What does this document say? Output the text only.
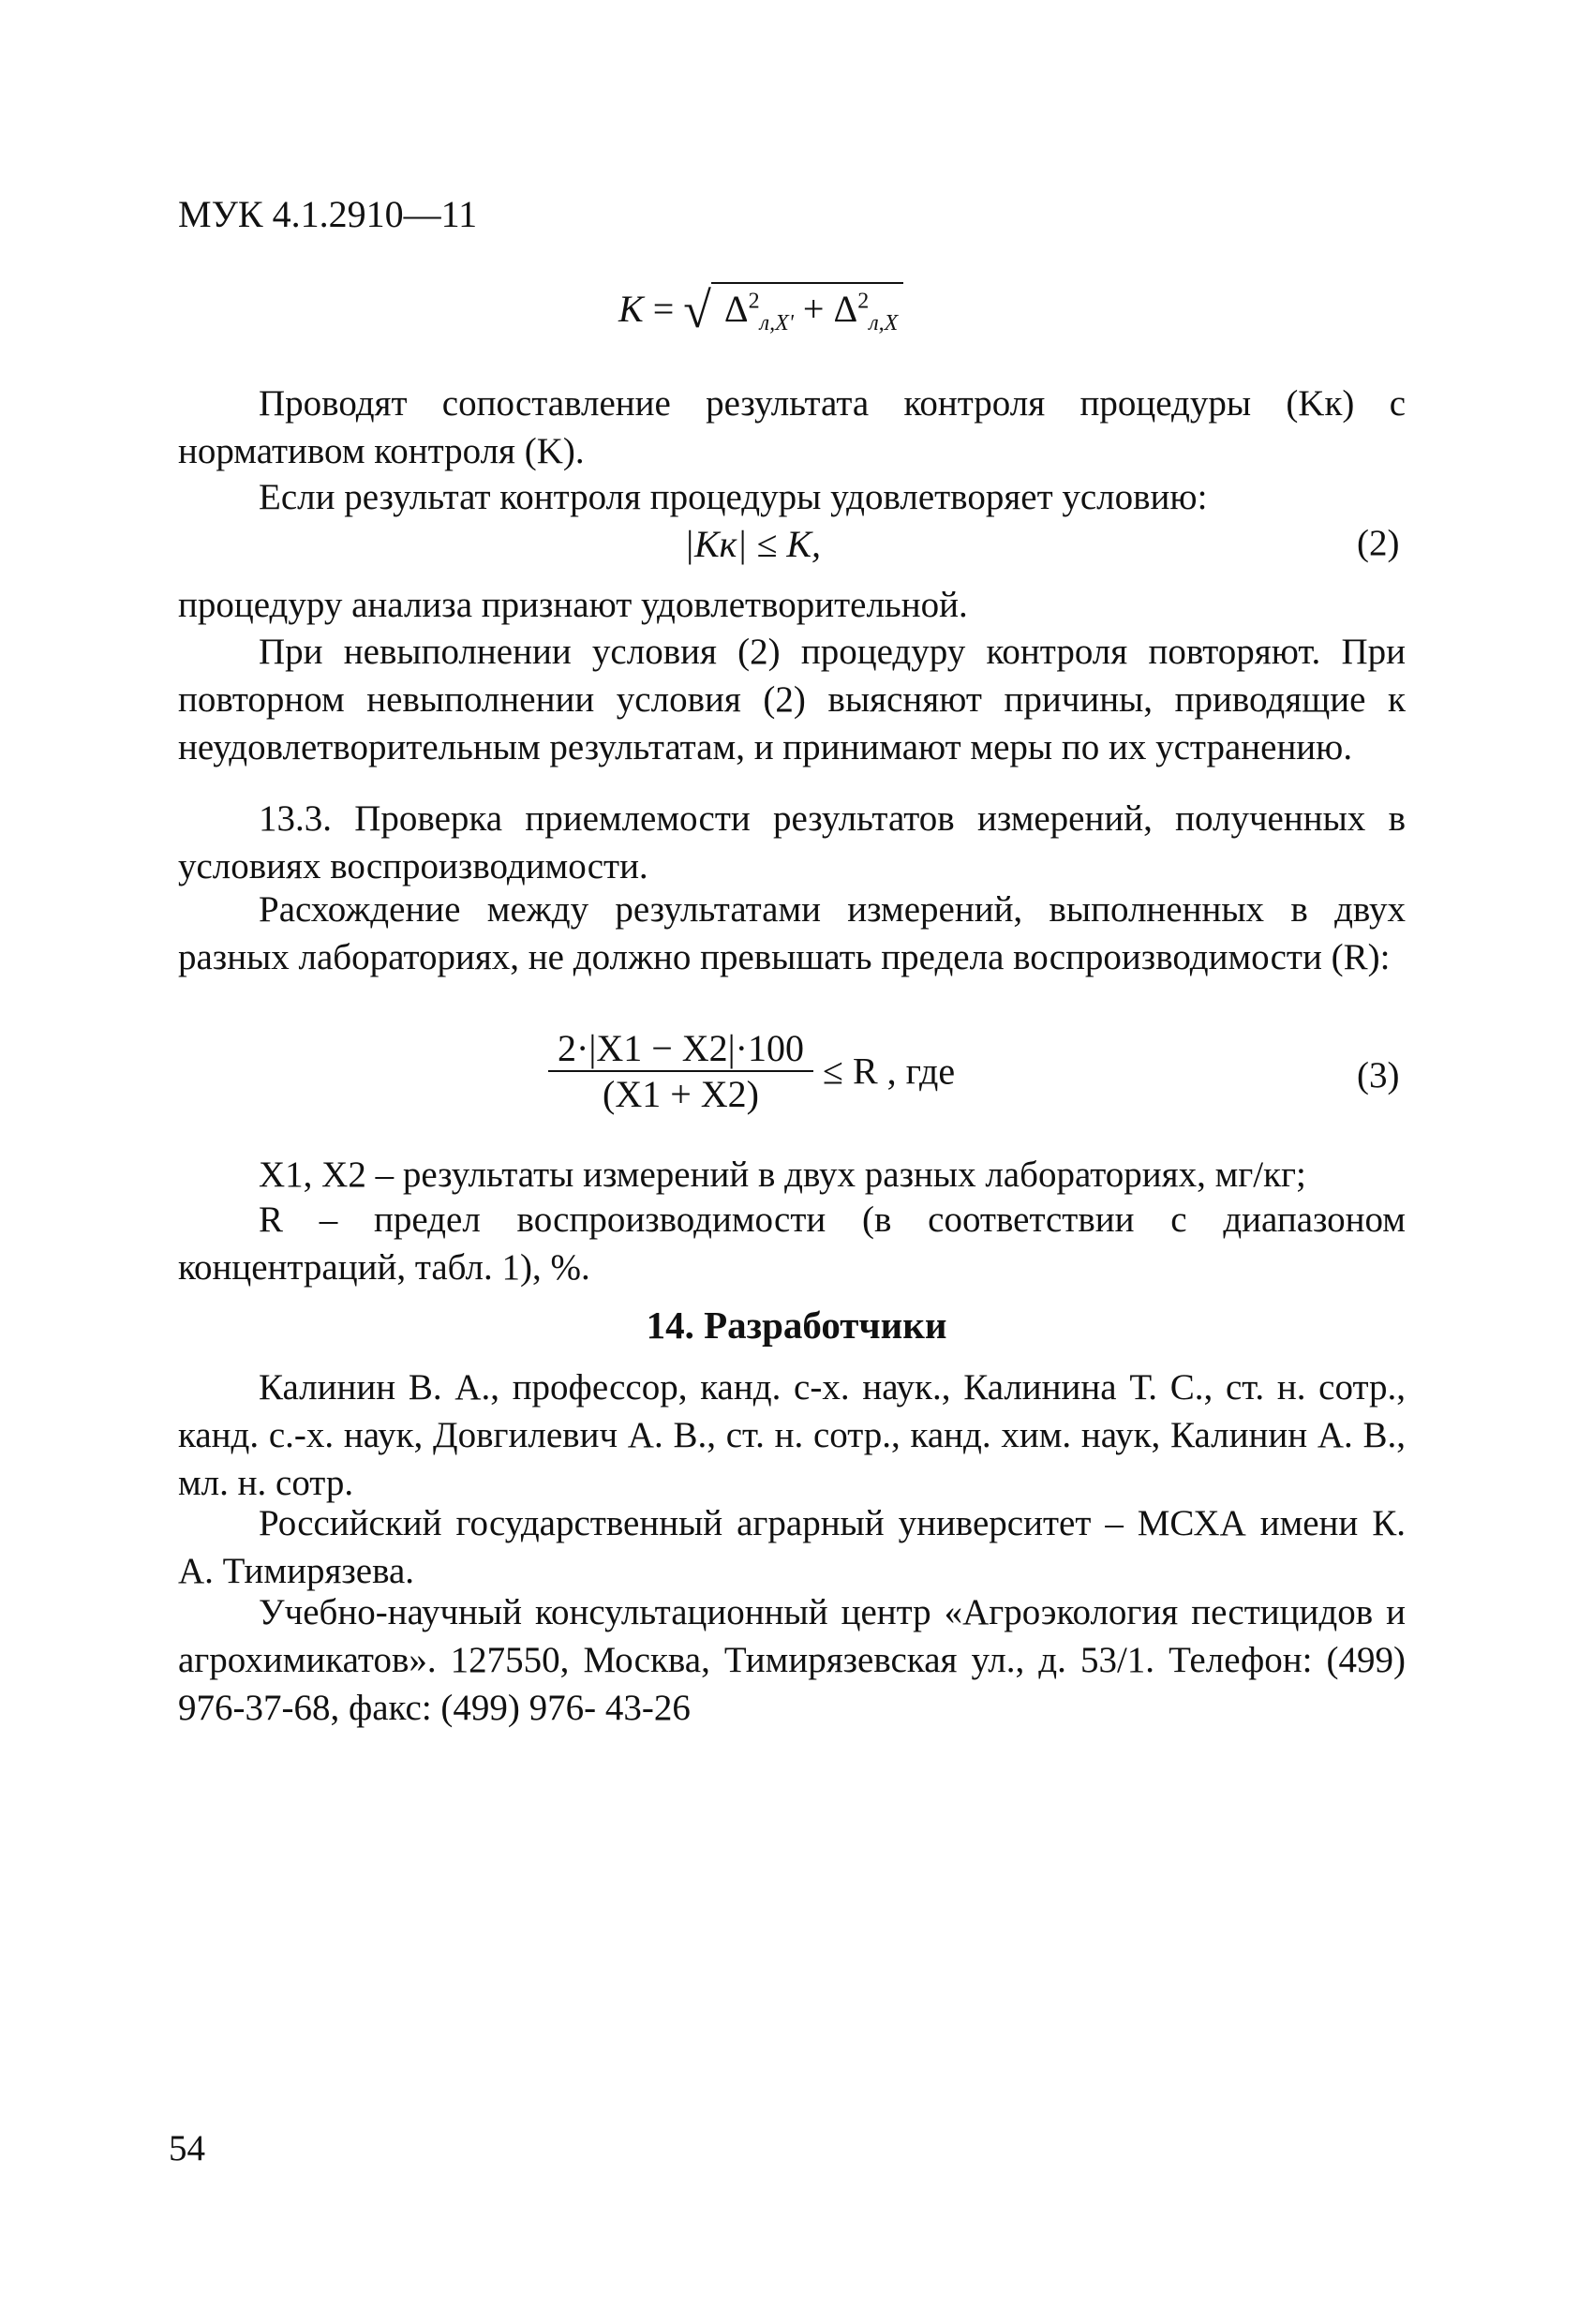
МУК 4.1.2910—11
K = √ $\Delta^2_{л,X'} + \Delta^2_{л,X}$
Проводят сопоставление результата контроля процедуры (Kк) с нормативом контроля (K).
Если результат контроля процедуры удовлетворяет условию:
|Kк| ≤ K,	(2)
процедуру анализа признают удовлетворительной.
При невыполнении условия (2) процедуру контроля повторяют. При повторном невыполнении условия (2) выясняют причины, приводящие к неудовлетворительным результатам, и принимают меры по их устранению.
13.3. Проверка приемлемости результатов измерений, полученных в условиях воспроизводимости.
Расхождение между результатами измерений, выполненных в двух разных лабораториях, не должно превышать предела воспроизводимости (R):
$\frac{2\cdot|X1 - X2|\cdot 100}{(X1 + X2)} \le R$ , где	(3)
X1, X2 – результаты измерений в двух разных лабораториях, мг/кг;
R – предел воспроизводимости (в соответствии с диапазоном концентраций, табл. 1), %.
14. Разработчики
Калинин В. А., профессор, канд. с-х. наук., Калинина Т. С., ст. н. сотр., канд. с.-х. наук, Довгилевич А. В., ст. н. сотр., канд. хим. наук, Калинин А. В., мл. н. сотр.
Российский государственный аграрный университет – МСХА имени К. А. Тимирязева.
Учебно-научный консультационный центр «Агроэкология пестицидов и агрохимикатов». 127550, Москва, Тимирязевская ул., д. 53/1. Телефон: (499) 976-37-68, факс: (499) 976- 43-26
54
